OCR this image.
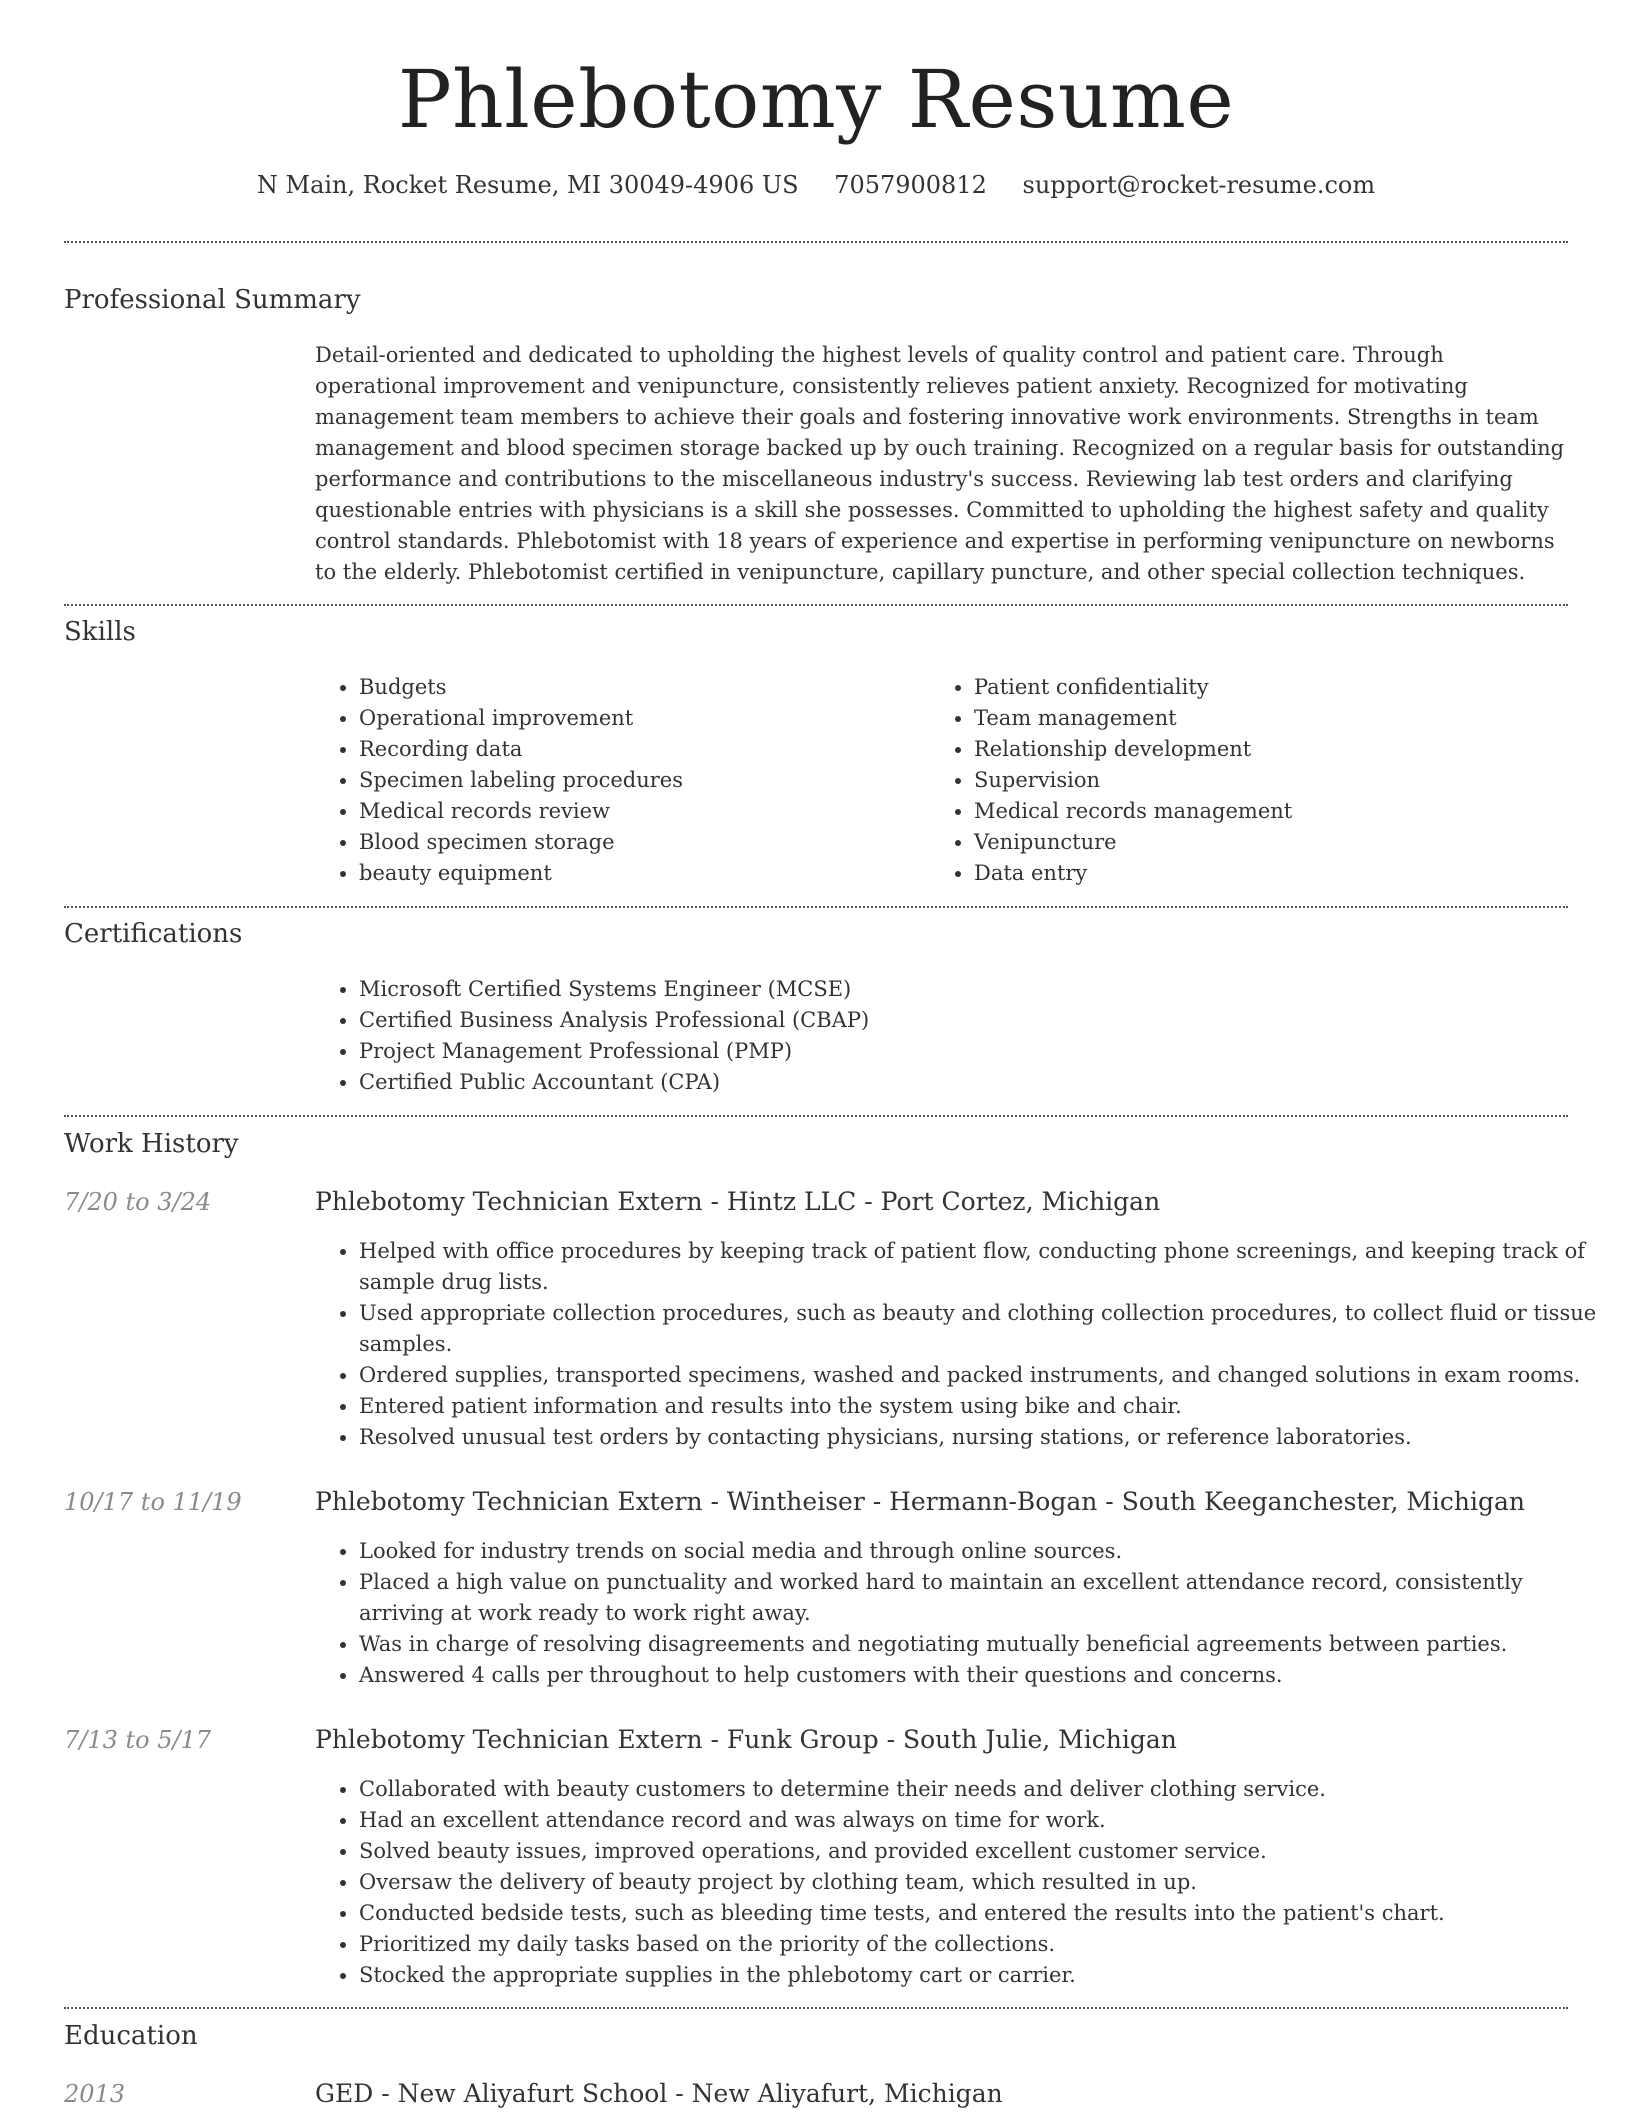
Phlebotomy Resume
N Main, Rocket Resume, MI 30049-4906 US 7057900812 support@rocket-resume.com
Professional Summary

Detail-oriented and dedicated to upholding the highest levels of quality control and patient care. Through operational improvement and venipuncture, consistently relieves patient anxiety. Recognized for motivating management team members to achieve their goals and fostering innovative work environments. Strengths in team management and blood specimen storage backed up by ouch training. Recognized on a regular basis for outstanding performance and contributions to the miscellaneous industry's success. Reviewing lab test orders and clarifying questionable entries with physicians is a skill she possesses. Committed to upholding the highest safety and quality control standards. Phlebotomist with 18 years of experience and expertise in performing venipuncture on newborns to the elderly. Phlebotomist certified in venipuncture, capillary puncture, and other special collection techniques.

Skills
• Budgets
• Operational improvement
• Recording data
• Specimen labeling procedures
• Medical records review
• Blood specimen storage
• beauty equipment
• Patient confidentiality
• Team management
• Relationship development
• Supervision
• Medical records management
• Venipuncture
• Data entry
Certifications
• Microsoft Certified Systems Engineer (MCSE)
• Certified Business Analysis Professional (CBAP)
• Project Management Professional (PMP)
• Certified Public Accountant (CPA)
Work History
7/20 to 3/24	Phlebotomy Technician Extern - Hintz LLC - Port Cortez, Michigan
• Helped with office procedures by keeping track of patient flow, conducting phone screenings, and keeping track of sample drug lists.
• Used appropriate collection procedures, such as beauty and clothing collection procedures, to collect fluid or tissue samples.
• Ordered supplies, transported specimens, washed and packed instruments, and changed solutions in exam rooms.
• Entered patient information and results into the system using bike and chair.
• Resolved unusual test orders by contacting physicians, nursing stations, or reference laboratories.
10/17 to 11/19	Phlebotomy Technician Extern - Wintheiser - Hermann-Bogan - South Keeganchester, Michigan
• Looked for industry trends on social media and through online sources.
• Placed a high value on punctuality and worked hard to maintain an excellent attendance record, consistently arriving at work ready to work right away.
• Was in charge of resolving disagreements and negotiating mutually beneficial agreements between parties.
• Answered 4 calls per throughout to help customers with their questions and concerns.
7/13 to 5/17	Phlebotomy Technician Extern - Funk Group - South Julie, Michigan
• Collaborated with beauty customers to determine their needs and deliver clothing service.
• Had an excellent attendance record and was always on time for work.
• Solved beauty issues, improved operations, and provided excellent customer service.
• Oversaw the delivery of beauty project by clothing team, which resulted in up.
• Conducted bedside tests, such as bleeding time tests, and entered the results into the patient's chart.
• Prioritized my daily tasks based on the priority of the collections.
• Stocked the appropriate supplies in the phlebotomy cart or carrier.
Education
2013	GED - New Aliyafurt School - New Aliyafurt, Michigan
